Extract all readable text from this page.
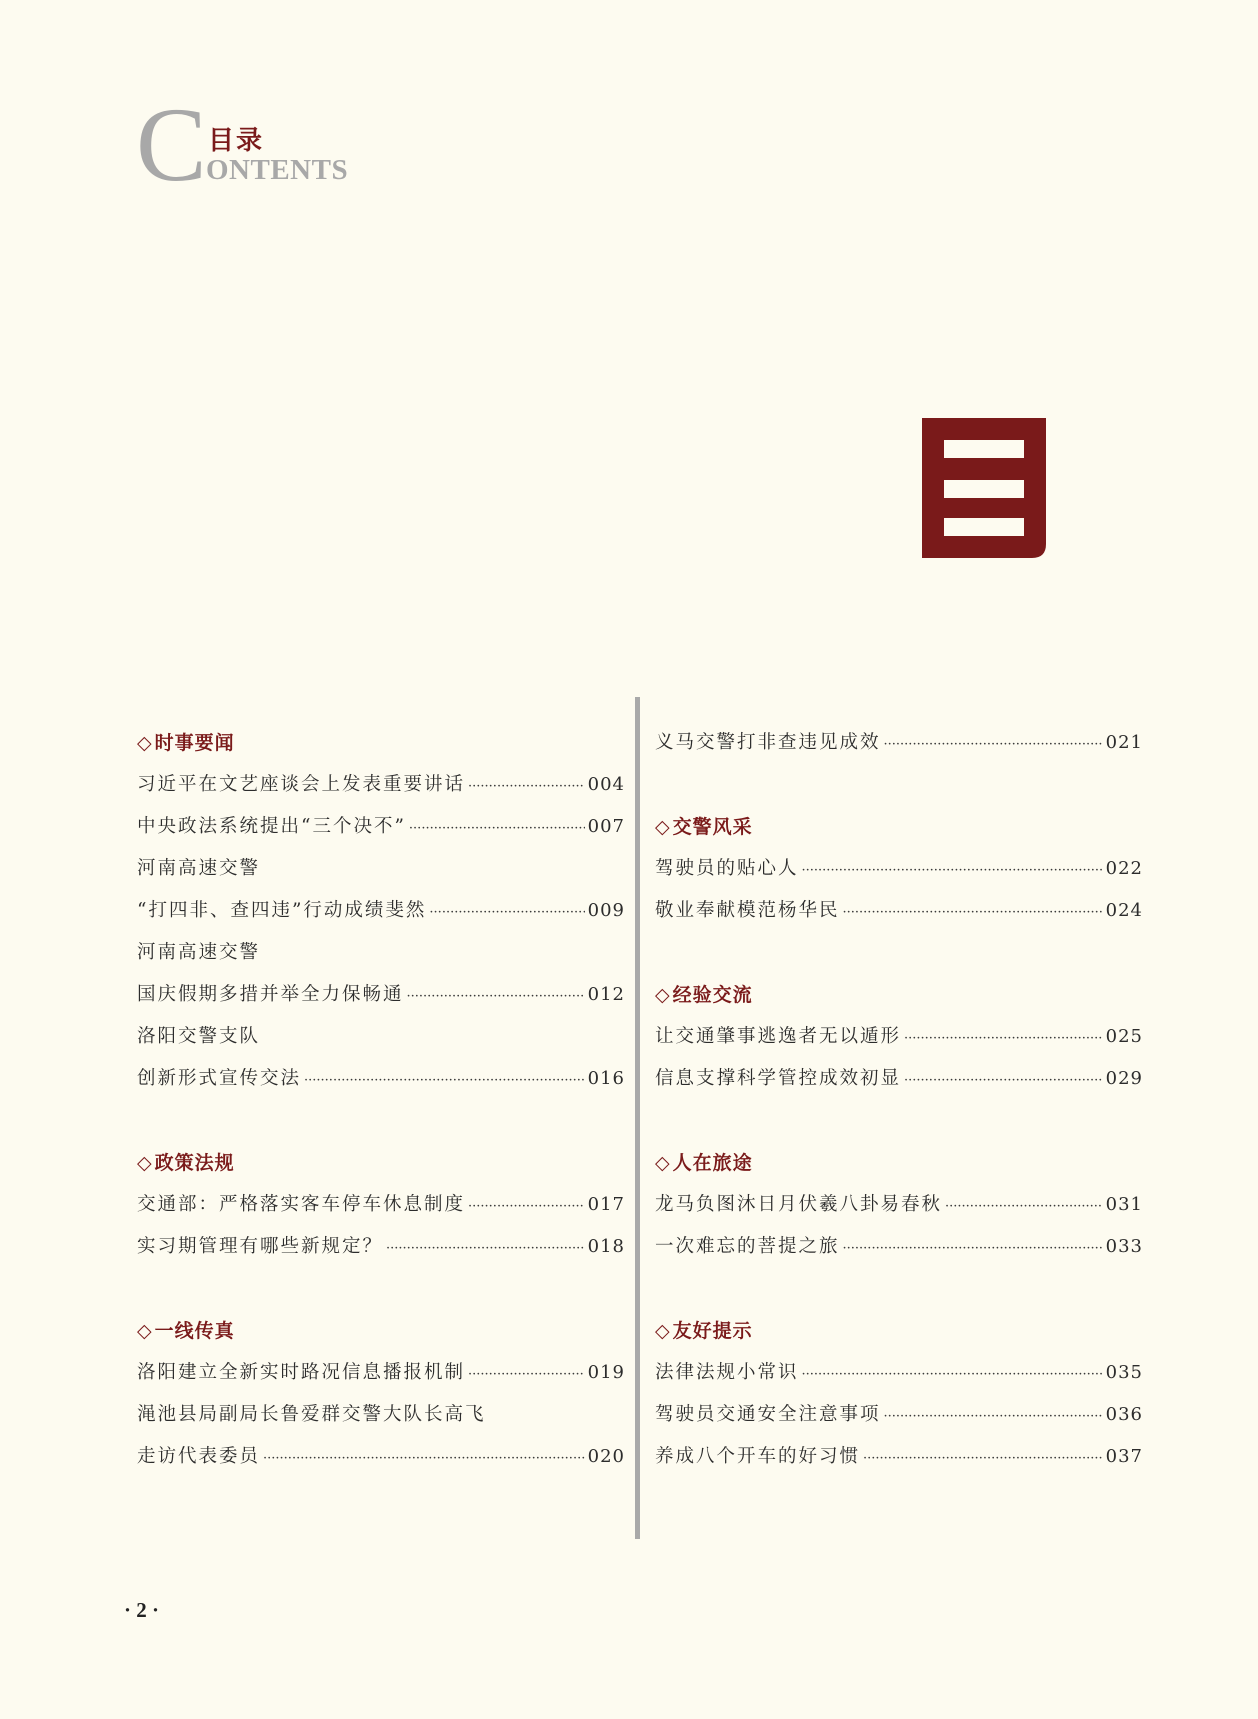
C 目录
ONTENTS
◇ 时事要闻
习近平在文艺座谈会上发表重要讲话 ·····	004
中央政法系统提出“三个决不” ·····	007
河南高速交警
“打四非、查四违”行动成绩斐然 ·····	009
河南高速交警
国庆假期多措并举全力保畅通 ·····	012
洛阳交警支队
创新形式宣传交法 ·····	016
◇ 政策法规
交通部：严格落实客车停车休息制度 ·····	017
实习期管理有哪些新规定？ ·····	018
◇ 一线传真
洛阳建立全新实时路况信息播报机制 ·····	019
渑池县局副局长鲁爱群交警大队长高飞
走访代表委员 ·····	020
义马交警打非查违见成效 ·····	021
◇ 交警风采
驾驶员的贴心人 ·····	022
敬业奉献模范杨华民 ·····	024
◇ 经验交流
让交通肇事逃逸者无以遁形 ·····	025
信息支撑科学管控成效初显 ·····	029
◇ 人在旅途
龙马负图沐日月伏羲八卦易春秋 ·····	031
一次难忘的菩提之旅 ·····	033
◇ 友好提示
法律法规小常识 ·····	035
驾驶员交通安全注意事项 ·····	036
养成八个开车的好习惯 ·····	037
· 2 ·
